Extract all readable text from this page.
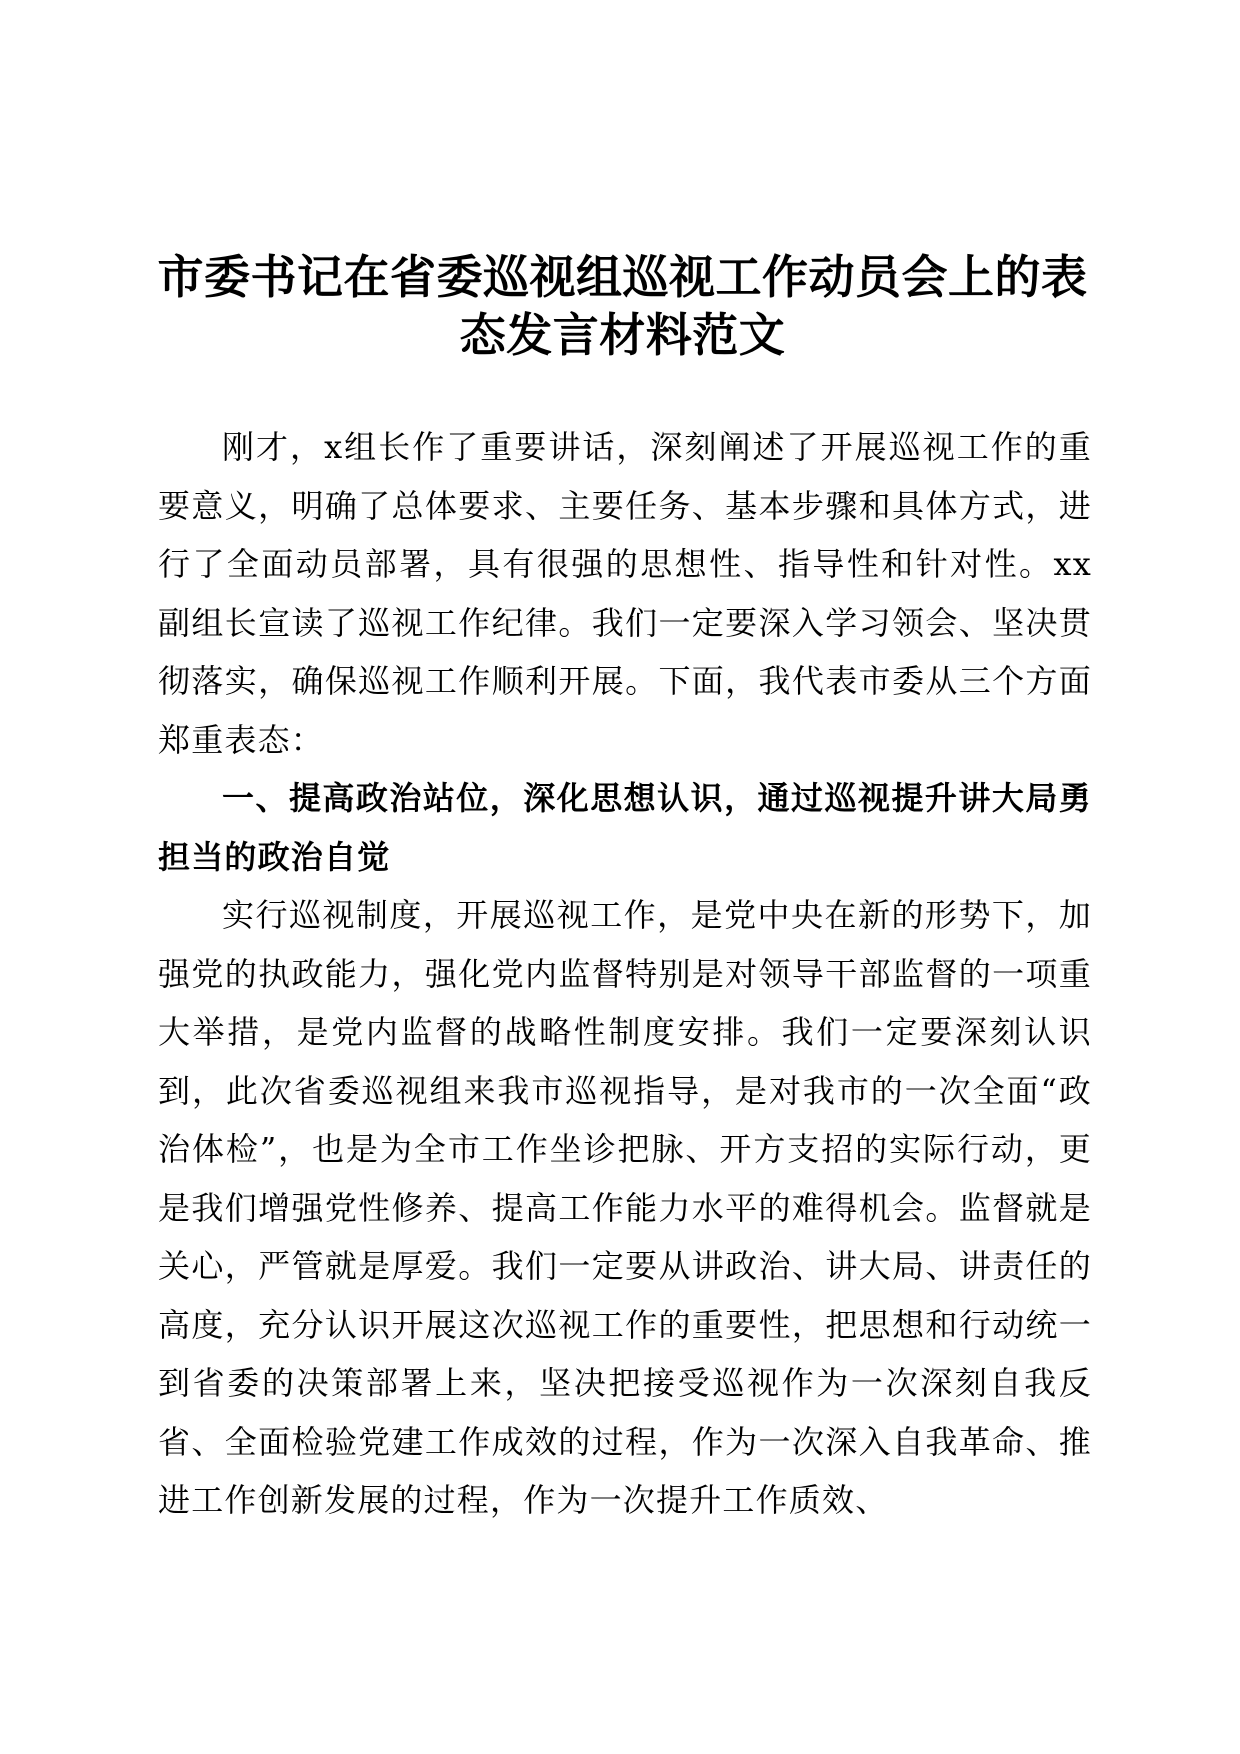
市委书记在省委巡视组巡视工作动员会上的表态发言材料范文

刚才，x组长作了重要讲话，深刻阐述了开展巡视工作的重要意义，明确了总体要求、主要任务、基本步骤和具体方式，进行了全面动员部署，具有很强的思想性、指导性和针对性。xx副组长宣读了巡视工作纪律。我们一定要深入学习领会、坚决贯彻落实，确保巡视工作顺利开展。下面，我代表市委从三个方面郑重表态：

一、提高政治站位，深化思想认识，通过巡视提升讲大局勇担当的政治自觉

实行巡视制度，开展巡视工作，是党中央在新的形势下，加强党的执政能力，强化党内监督特别是对领导干部监督的一项重大举措，是党内监督的战略性制度安排。我们一定要深刻认识到，此次省委巡视组来我市巡视指导，是对我市的一次全面“政治体检”，也是为全市工作坐诊把脉、开方支招的实际行动，更是我们增强党性修养、提高工作能力水平的难得机会。监督就是关心，严管就是厚爱。我们一定要从讲政治、讲大局、讲责任的高度，充分认识开展这次巡视工作的重要性，把思想和行动统一到省委的决策部署上来，坚决把接受巡视作为一次深刻自我反省、全面检验党建工作成效的过程，作为一次深入自我革命、推进工作创新发展的过程，作为一次提升工作质效、
